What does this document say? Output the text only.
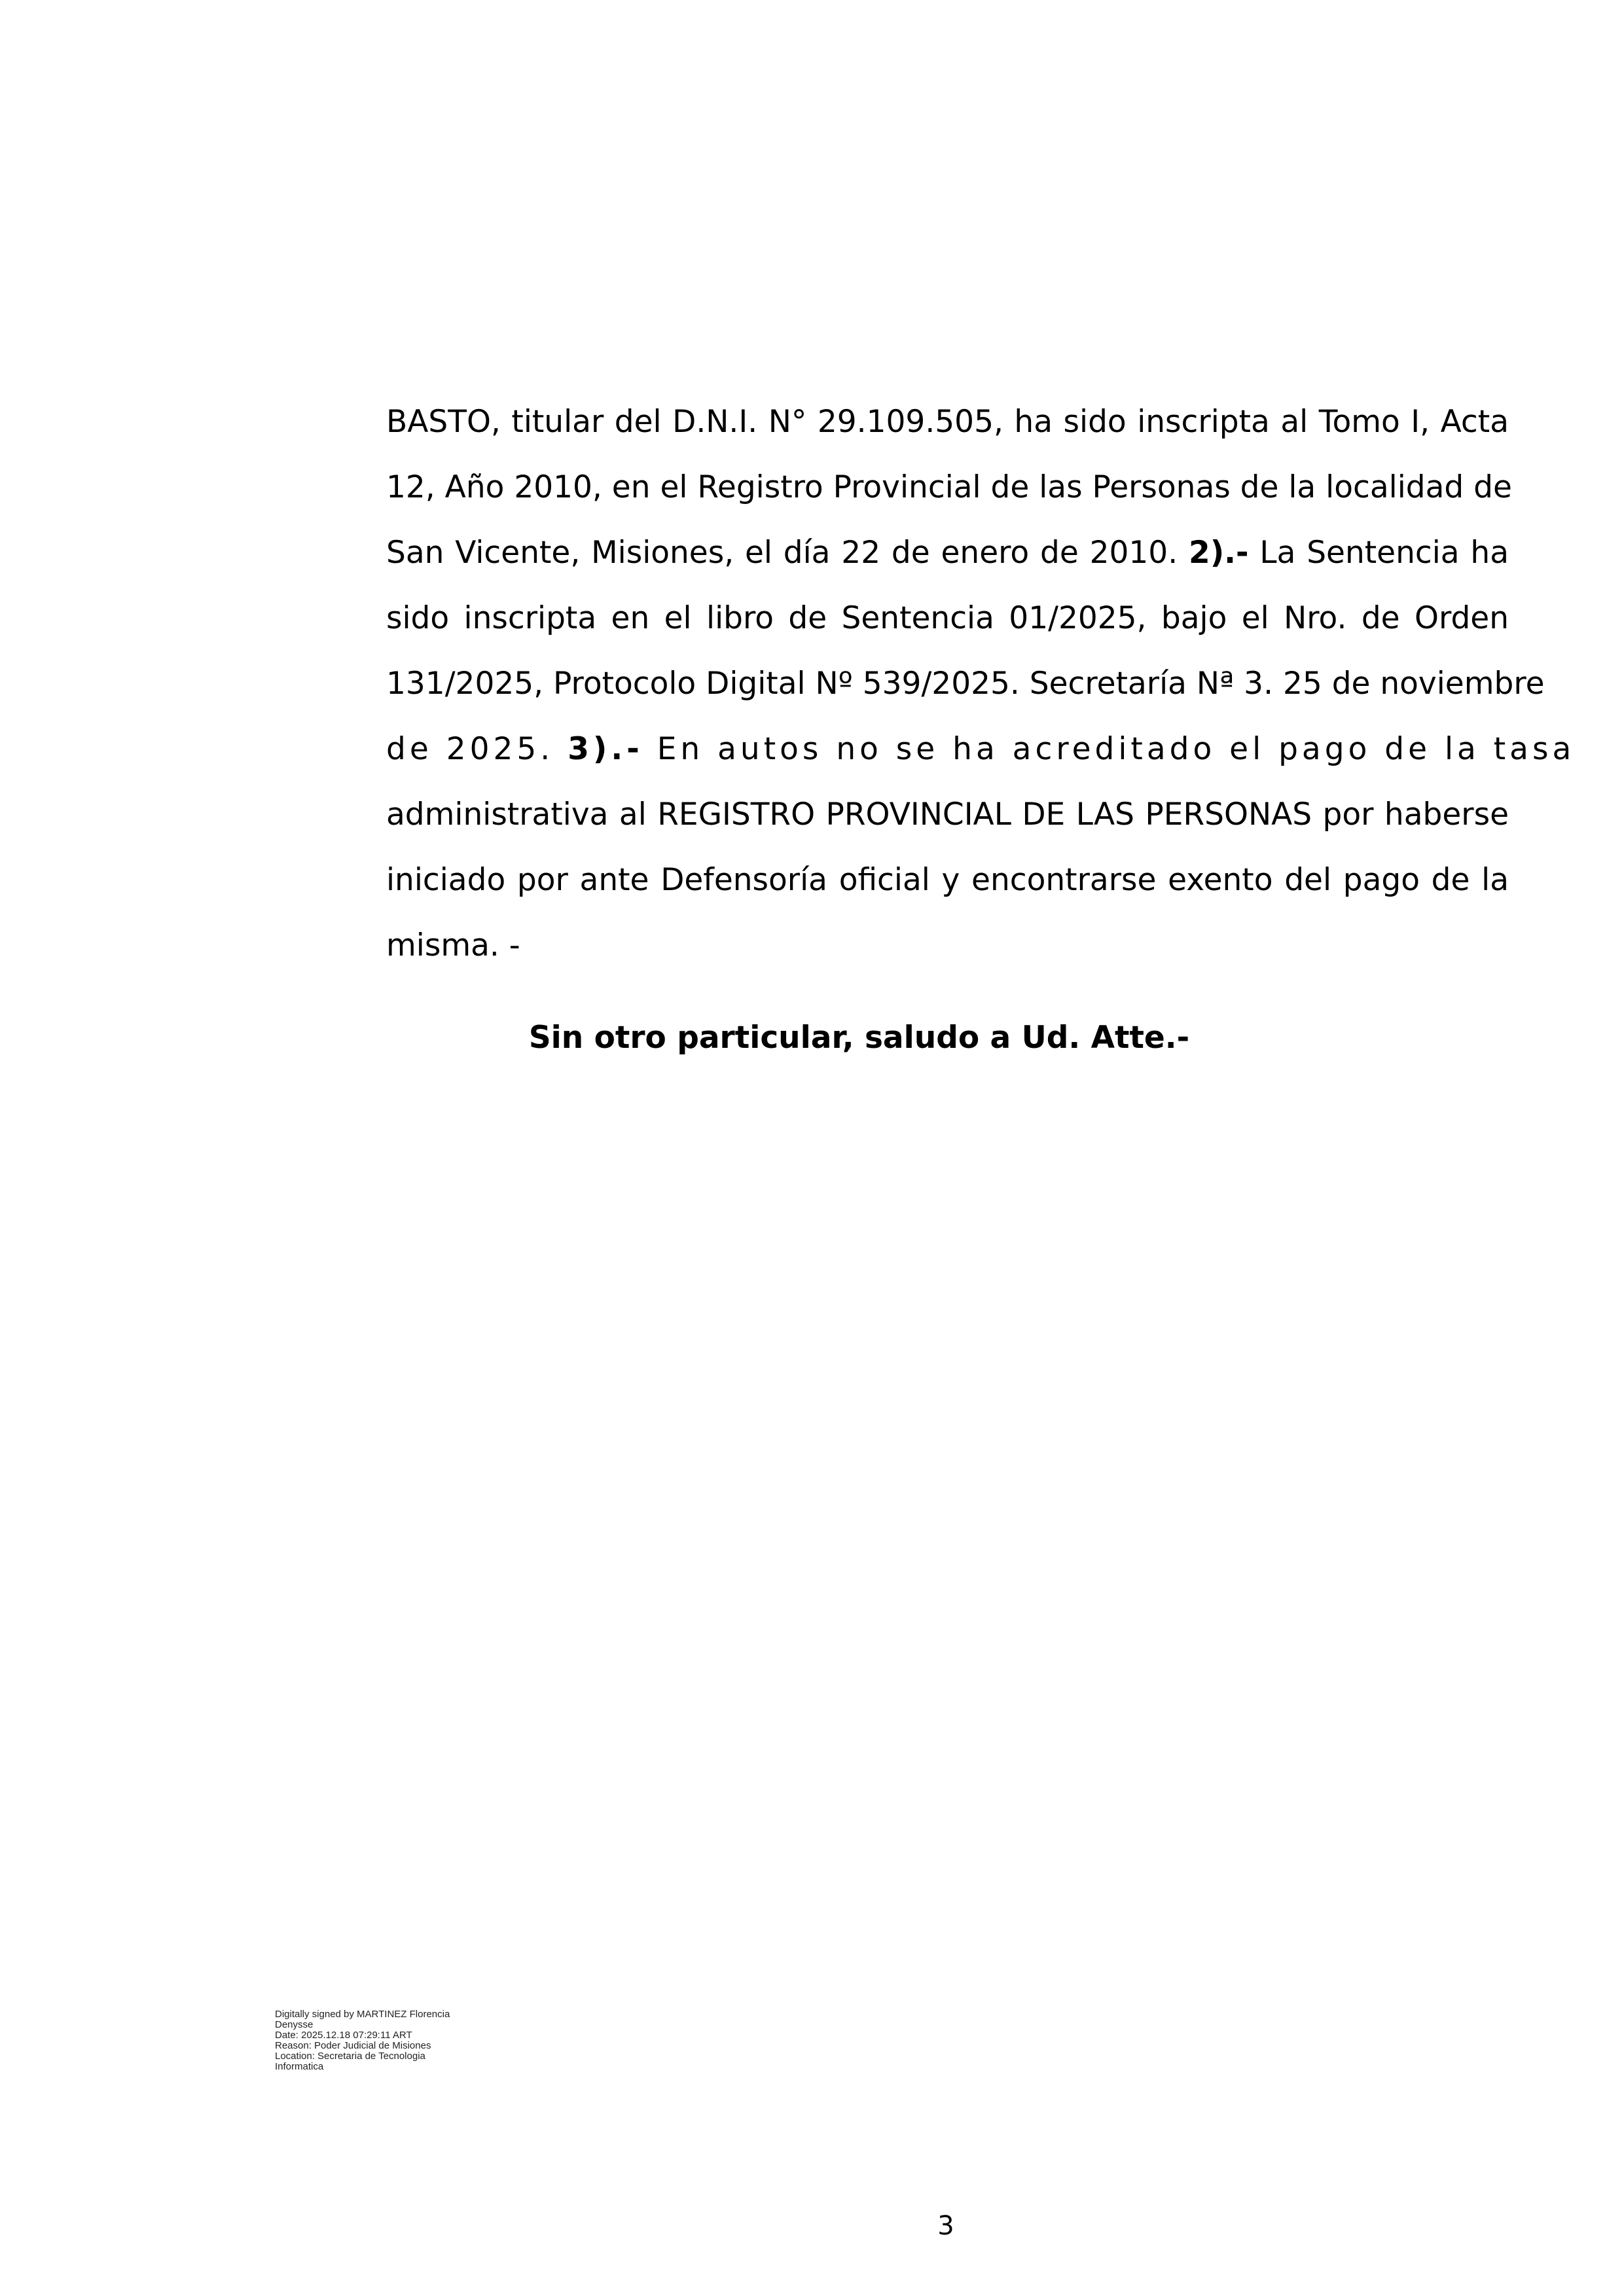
BASTO, titular del D.N.I. N° 29.109.505, ha sido inscripta al Tomo I, Acta
12, Año 2010, en el Registro Provincial de las Personas de la localidad de
San Vicente, Misiones, el día 22 de enero de 2010. 2).- La Sentencia ha
sido inscripta en el libro de Sentencia 01/2025, bajo el Nro. de Orden
131/2025, Protocolo Digital Nº 539/2025. Secretaría Nª 3. 25 de noviembre
de 2025. 3).- En autos no se ha acreditado el pago de la tasa
administrativa al REGISTRO PROVINCIAL DE LAS PERSONAS por haberse
iniciado por ante Defensoría oficial y encontrarse exento del pago de la
misma. -

Sin otro particular, saludo a Ud. Atte.-

Digitally signed by MARTINEZ Florencia
Denysse
Date: 2025.12.18 07:29:11 ART
Reason: Poder Judicial de Misiones
Location: Secretaria de Tecnologia
Informatica
3
